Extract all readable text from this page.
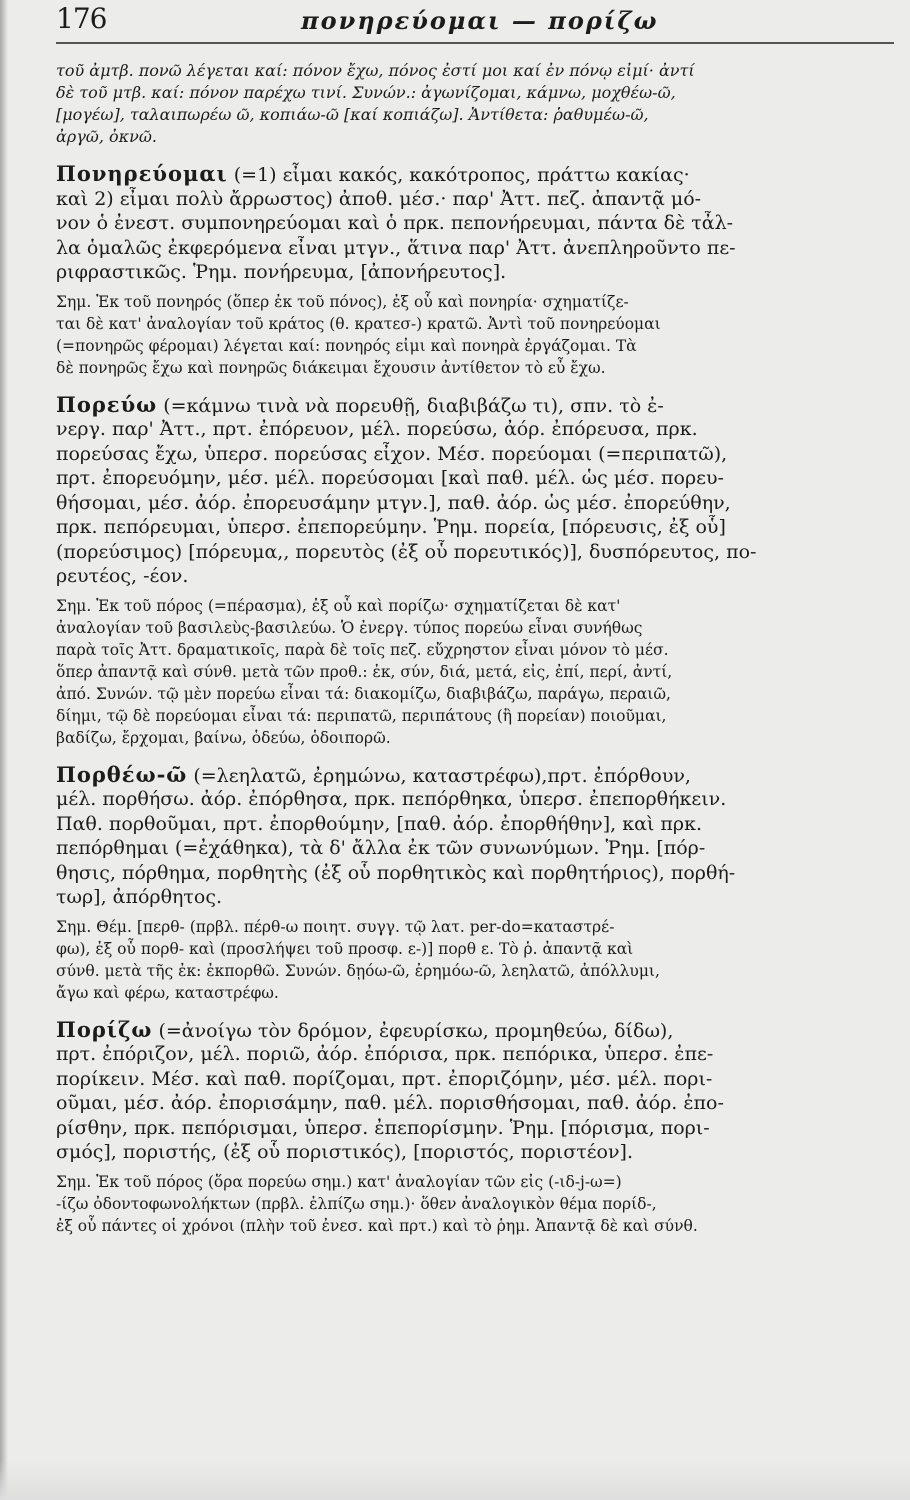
176	πονηρεύομαι — πορίζω
τοῦ ἀμτβ. πονῶ λέγεται καί: πόνον ἔχω, πόνος ἐστί μοι καί ἐν πόνῳ εἰμί· ἀντί
δὲ τοῦ μτβ. καί: πόνον παρέχω τινί. Συνών.: ἀγωνίζομαι, κάμνω, μοχθέω-ῶ,
[μογέω], ταλαιπωρέω ῶ, κοπιάω-ῶ [καί κοπιάζω]. Ἀντίθετα: ῥαθυμέω-ῶ,
ἀργῶ, ὀκνῶ.
Πονηρεύομαι (=1) εἶμαι κακός, κακότροπος, πράττω κακίας·
καὶ 2) εἶμαι πολὺ ἄρρωστος) ἀποθ. μέσ.· παρ' Ἀττ. πεζ. ἀπαντᾷ μό-
νον ὁ ἐνεστ. συμπονηρεύομαι καὶ ὁ πρκ. πεπονήρευμαι, πάντα δὲ τἆλ-
λα ὁμαλῶς ἐκφερόμενα εἶναι μτγν., ἅτινα παρ' Ἀττ. ἀνεπληροῦντο πε-
ριφραστικῶς. Ῥημ. πονήρευμα, [ἀπονήρευτος].
Σημ. Ἐκ τοῦ πονηρός (ὅπερ ἐκ τοῦ πόνος), ἐξ οὗ καὶ πονηρία· σχηματίζε-
ται δὲ κατ' ἀναλογίαν τοῦ κράτος (θ. κρατεσ-) κρατῶ. Ἀντὶ τοῦ πονηρεύομαι
(=πονηρῶς φέρομαι) λέγεται καί: πονηρός εἰμι καὶ πονηρὰ ἐργάζομαι. Τὰ
δὲ πονηρῶς ἔχω καὶ πονηρῶς διάκειμαι ἔχουσιν ἀντίθετον τὸ εὖ ἔχω.
Πορεύω (=κάμνω τινὰ νὰ πορευθῇ, διαβιβάζω τι), σπν. τὸ ἐ-
νεργ. παρ' Ἀττ., πρτ. ἐπόρευον, μέλ. πορεύσω, ἀόρ. ἐπόρευσα, πρκ.
πορεύσας ἔχω, ὑπερσ. πορεύσας εἶχον. Μέσ. πορεύομαι (=περιπατῶ),
πρτ. ἐπορευόμην, μέσ. μέλ. πορεύσομαι [καὶ παθ. μέλ. ὡς μέσ. πορευ-
θήσομαι, μέσ. ἀόρ. ἐπορευσάμην μτγν.], παθ. ἀόρ. ὡς μέσ. ἐπορεύθην,
πρκ. πεπόρευμαι, ὑπερσ. ἐπεπορεύμην. Ῥημ. πορεία, [πόρευσις, ἐξ οὗ]
(πορεύσιμος) [πόρευμα,, πορευτὸς (ἐξ οὗ πορευτικός)], δυσπόρευτος, πο-
ρευτέος, -έον.
Σημ. Ἐκ τοῦ πόρος (=πέρασμα), ἐξ οὗ καὶ πορίζω· σχηματίζεται δὲ κατ'
ἀναλογίαν τοῦ βασιλεὺς-βασιλεύω. Ὁ ἐνεργ. τύπος πορεύω εἶναι συνήθως
παρὰ τοῖς Ἀττ. δραματικοῖς, παρὰ δὲ τοῖς πεζ. εὔχρηστον εἶναι μόνον τὸ μέσ.
ὅπερ ἀπαντᾷ καὶ σύνθ. μετὰ τῶν προθ.: ἐκ, σύν, διά, μετά, εἰς, ἐπί, περί, ἀντί,
ἀπό. Συνών. τῷ μὲν πορεύω εἶναι τά: διακομίζω, διαβιβάζω, παράγω, περαιῶ,
δίημι, τῷ δὲ πορεύομαι εἶναι τά: περιπατῶ, περιπάτους (ἢ πορείαν) ποιοῦμαι,
βαδίζω, ἔρχομαι, βαίνω, ὁδεύω, ὁδοιπορῶ.
Πορθέω-ῶ (=λεηλατῶ, ἐρημώνω, καταστρέφω),πρτ. ἐπόρθουν,
μέλ. πορθήσω. ἀόρ. ἐπόρθησα, πρκ. πεπόρθηκα, ὑπερσ. ἐπεπορθήκειν.
Παθ. πορθοῦμαι, πρτ. ἐπορθούμην, [παθ. ἀόρ. ἐπορθήθην], καὶ πρκ.
πεπόρθημαι (=ἐχάθηκα), τὰ δ' ἄλλα ἐκ τῶν συνωνύμων. Ῥημ. [πόρ-
θησις, πόρθημα, πορθητὴς (ἐξ οὗ πορθητικὸς καὶ πορθητήριος), πορθή-
τωρ], ἀπόρθητος.
Σημ. Θέμ. [περθ- (πρβλ. πέρθ-ω ποιητ. συγγ. τῷ λατ. per-do=καταστρέ-
φω), ἐξ οὗ πορθ- καὶ (προσλήψει τοῦ προσφ. ε-)] πορθ ε. Τὸ ῥ. ἀπαντᾷ καὶ
σύνθ. μετὰ τῆς ἐκ: ἐκπορθῶ. Συνών. δῃόω-ῶ, ἐρημόω-ῶ, λεηλατῶ, ἀπόλλυμι,
ἄγω καὶ φέρω, καταστρέφω.
Πορίζω (=ἀνοίγω τὸν δρόμον, ἐφευρίσκω, προμηθεύω, δίδω),
πρτ. ἐπόριζον, μέλ. ποριῶ, ἀόρ. ἐπόρισα, πρκ. πεπόρικα, ὑπερσ. ἐπε-
πορίκειν. Μέσ. καὶ παθ. πορίζομαι, πρτ. ἐποριζόμην, μέσ. μέλ. πορι-
οῦμαι, μέσ. ἀόρ. ἐπορισάμην, παθ. μέλ. πορισθήσομαι, παθ. ἀόρ. ἐπο-
ρίσθην, πρκ. πεπόρισμαι, ὑπερσ. ἐπεπορίσμην. Ῥημ. [πόρισμα, πορι-
σμός], ποριστής, (ἐξ οὗ ποριστικός), [ποριστός, ποριστέον].
Σημ. Ἐκ τοῦ πόρος (ὅρα πορεύω σημ.) κατ' ἀναλογίαν τῶν εἰς (-ιδ-j-ω=)
-ίζω ὀδοντοφωνολήκτων (πρβλ. ἐλπίζω σημ.)· ὅθεν ἀναλογικὸν θέμα πορίδ-,
ἐξ οὗ πάντες οἱ χρόνοι (πλὴν τοῦ ἐνεσ. καὶ πρτ.) καὶ τὸ ῥημ. Ἀπαντᾷ δὲ καὶ σύνθ.
